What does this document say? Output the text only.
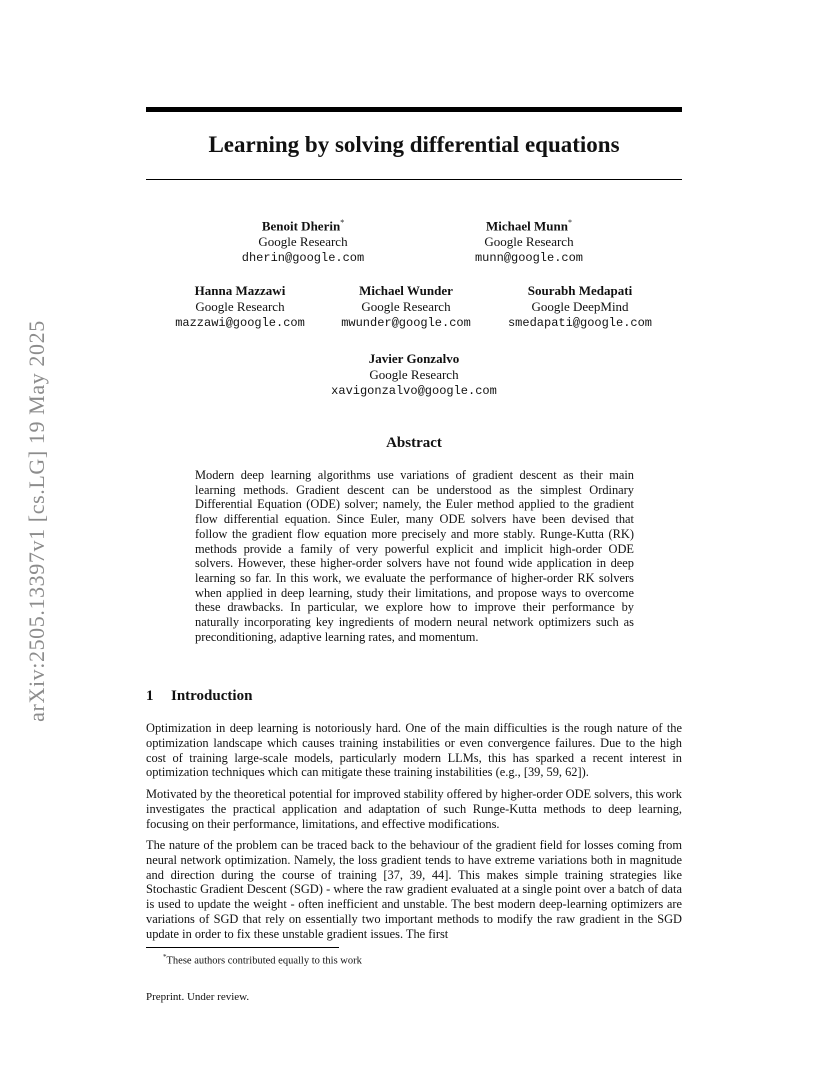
arXiv:2505.13397v1 [cs.LG] 19 May 2025
Learning by solving differential equations
Benoit Dherin*
Google Research
dherin@google.com
Michael Munn*
Google Research
munn@google.com
Hanna Mazzawi
Google Research
mazzawi@google.com
Michael Wunder
Google Research
mwunder@google.com
Sourabh Medapati
Google DeepMind
smedapati@google.com
Javier Gonzalvo
Google Research
xavigonzalvo@google.com
Abstract

Modern deep learning algorithms use variations of gradient descent as their main learning methods. Gradient descent can be understood as the simplest Ordinary Differential Equation (ODE) solver; namely, the Euler method applied to the gradient flow differential equation. Since Euler, many ODE solvers have been devised that follow the gradient flow equation more precisely and more stably. Runge-Kutta (RK) methods provide a family of very powerful explicit and implicit high-order ODE solvers. However, these higher-order solvers have not found wide application in deep learning so far. In this work, we evaluate the performance of higher-order RK solvers when applied in deep learning, study their limitations, and propose ways to overcome these drawbacks. In particular, we explore how to improve their performance by naturally incorporating key ingredients of modern neural network optimizers such as preconditioning, adaptive learning rates, and momentum.

1 Introduction

Optimization in deep learning is notoriously hard. One of the main difficulties is the rough nature of the optimization landscape which causes training instabilities or even convergence failures. Due to the high cost of training large-scale models, particularly modern LLMs, this has sparked a recent interest in optimization techniques which can mitigate these training instabilities (e.g., [39, 59, 62]).

Motivated by the theoretical potential for improved stability offered by higher-order ODE solvers, this work investigates the practical application and adaptation of such Runge-Kutta methods to deep learning, focusing on their performance, limitations, and effective modifications.

The nature of the problem can be traced back to the behaviour of the gradient field for losses coming from neural network optimization. Namely, the loss gradient tends to have extreme variations both in magnitude and direction during the course of training [37, 39, 44]. This makes simple training strategies like Stochastic Gradient Descent (SGD) - where the raw gradient evaluated at a single point over a batch of data is used to update the weight - often inefficient and unstable. The best modern deep-learning optimizers are variations of SGD that rely on essentially two important methods to modify the raw gradient in the SGD update in order to fix these unstable gradient issues. The first

*These authors contributed equally to this work

Preprint. Under review.
